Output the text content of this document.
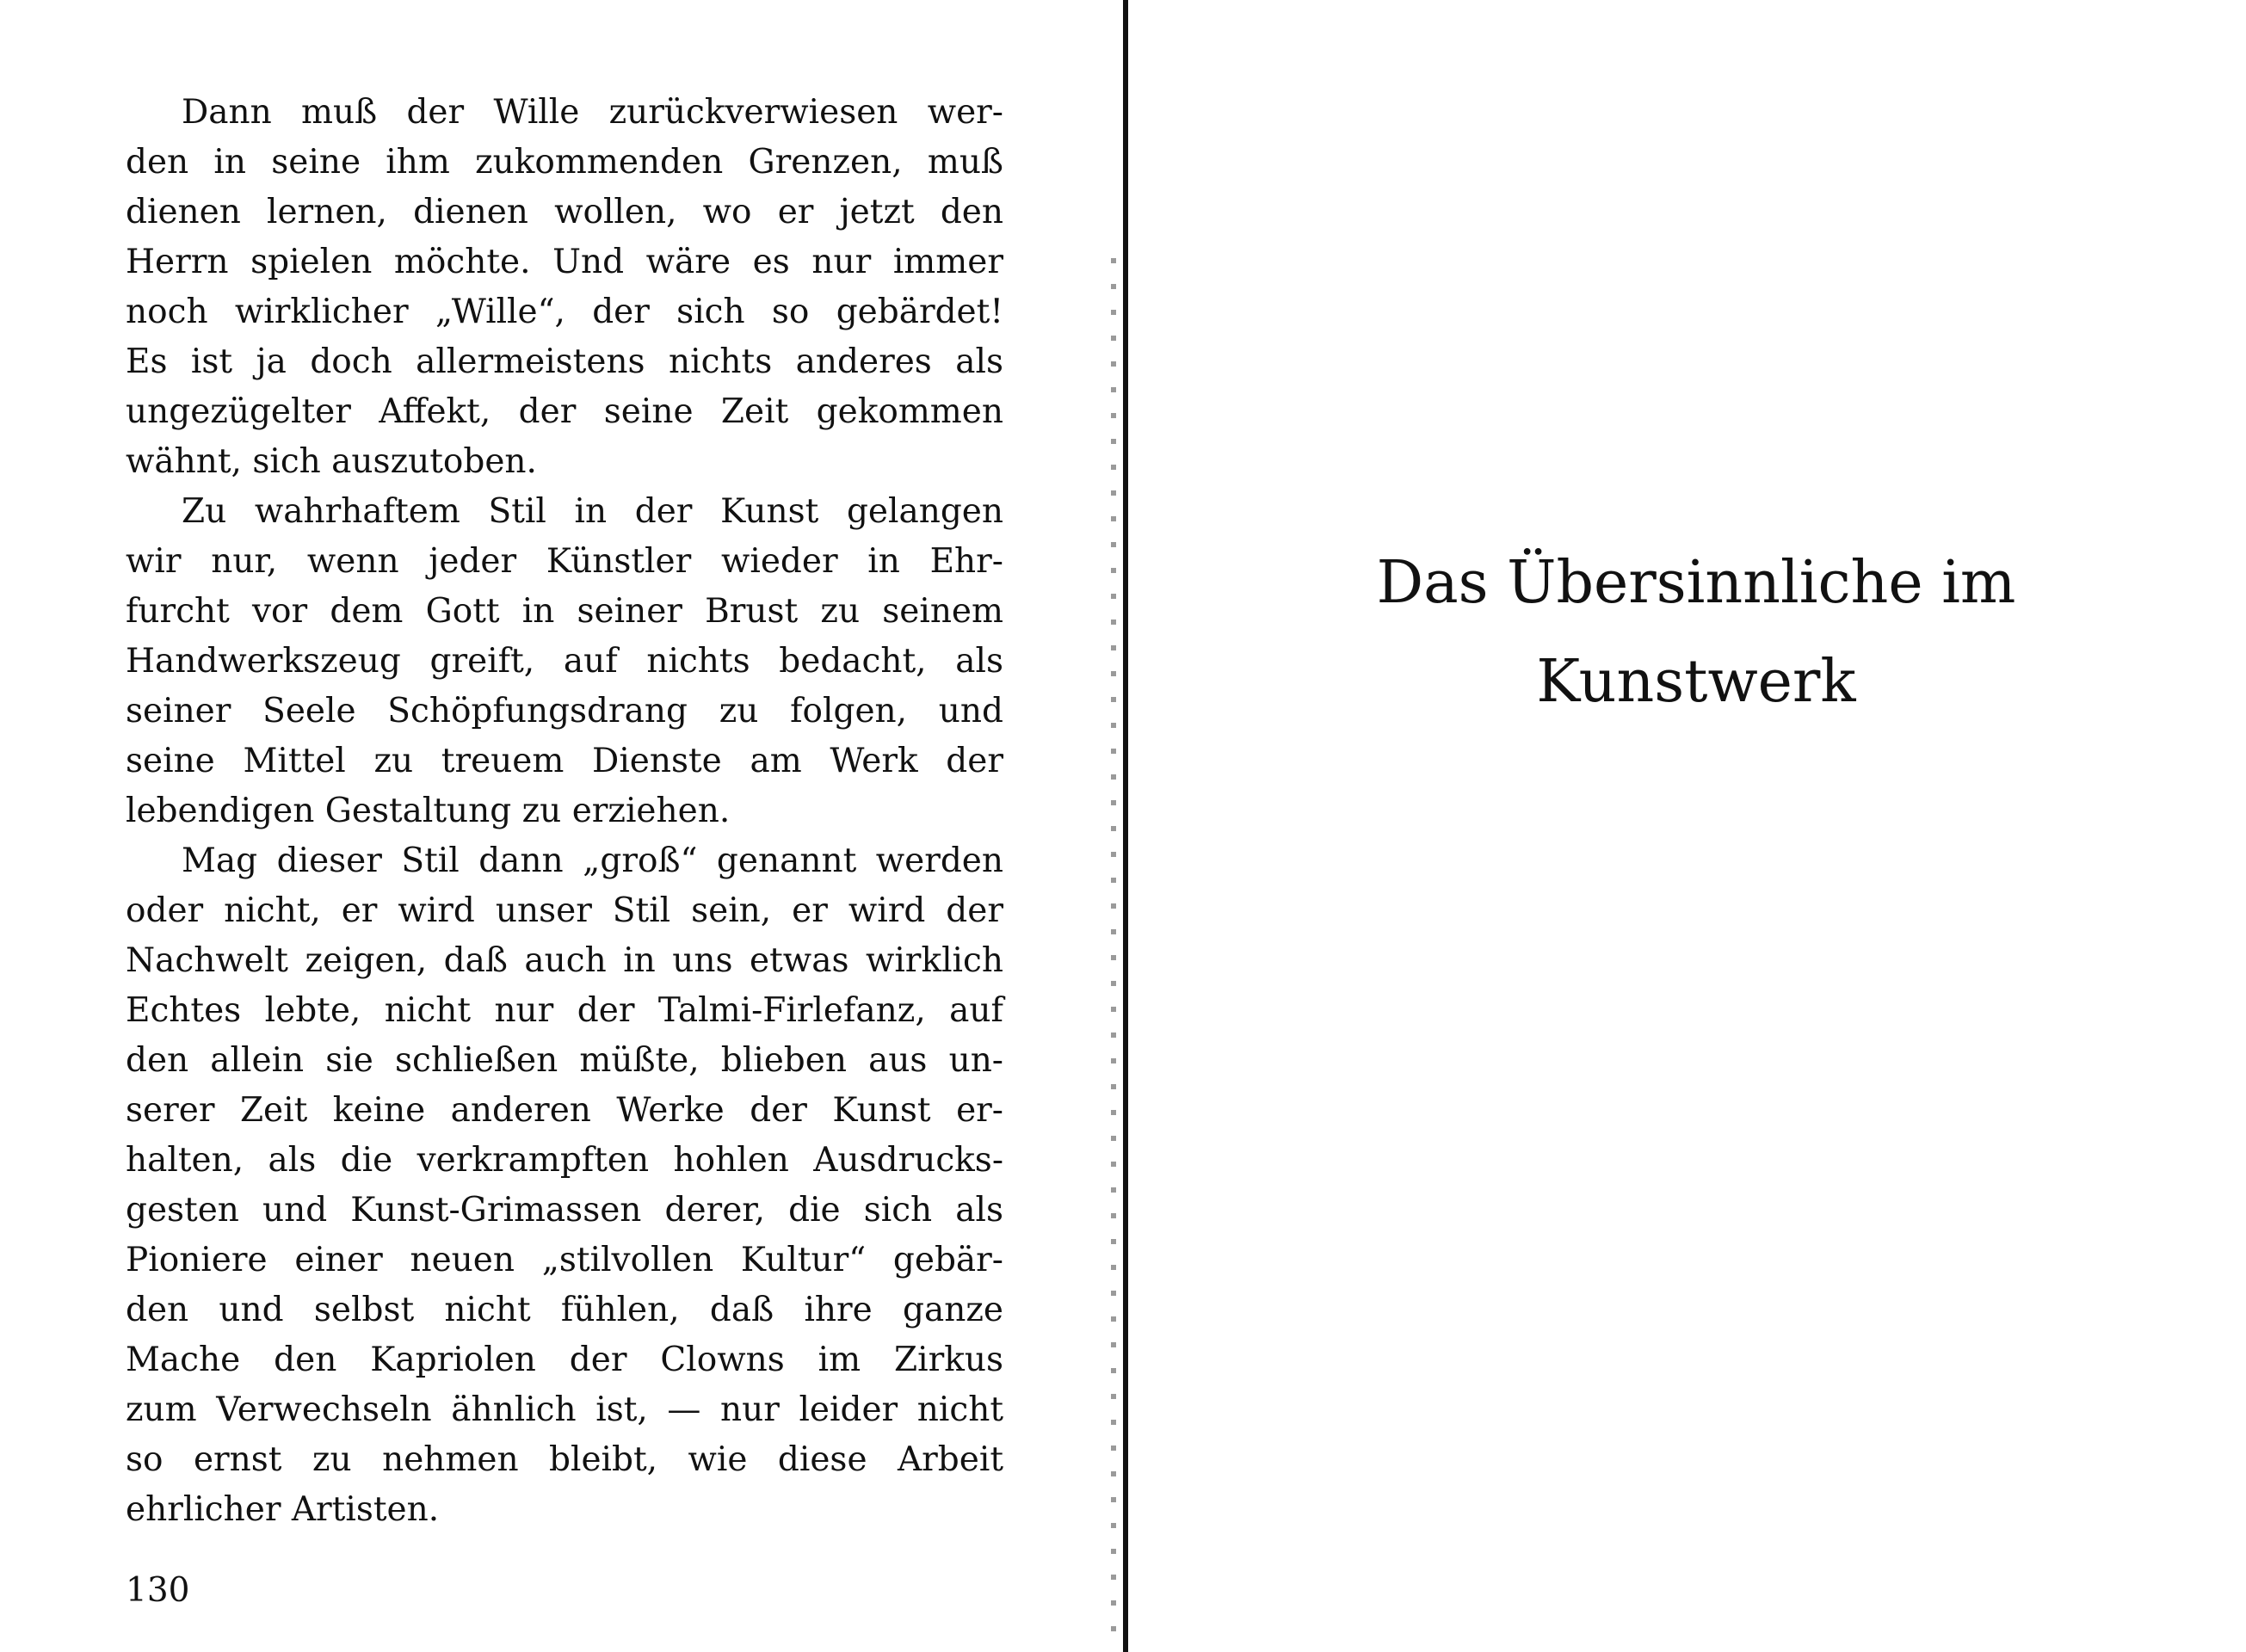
Dann muß der Wille zurückverwiesen wer-
den in seine ihm zukommenden Grenzen, muß
dienen lernen, dienen wollen, wo er jetzt den
Herrn spielen möchte. Und wäre es nur immer
noch wirklicher „Wille“, der sich so gebärdet!
Es ist ja doch allermeistens nichts anderes als
ungezügelter Affekt, der seine Zeit gekommen
wähnt, sich auszutoben.
Zu wahrhaftem Stil in der Kunst gelangen
wir nur, wenn jeder Künstler wieder in Ehr-
furcht vor dem Gott in seiner Brust zu seinem
Handwerkszeug greift, auf nichts bedacht, als
seiner Seele Schöpfungsdrang zu folgen, und
seine Mittel zu treuem Dienste am Werk der
lebendigen Gestaltung zu erziehen.
Mag dieser Stil dann „groß“ genannt werden
oder nicht, er wird unser Stil sein, er wird der
Nachwelt zeigen, daß auch in uns etwas wirklich
Echtes lebte, nicht nur der Talmi-Firlefanz, auf
den allein sie schließen müßte, blieben aus un-
serer Zeit keine anderen Werke der Kunst er-
halten, als die verkrampften hohlen Ausdrucks-
gesten und Kunst-Grimassen derer, die sich als
Pioniere einer neuen „stilvollen Kultur“ gebär-
den und selbst nicht fühlen, daß ihre ganze
Mache den Kapriolen der Clowns im Zirkus
zum Verwechseln ähnlich ist, — nur leider nicht
so ernst zu nehmen bleibt, wie diese Arbeit
ehrlicher Artisten.
130
Das Übersinnliche im
Kunstwerk
